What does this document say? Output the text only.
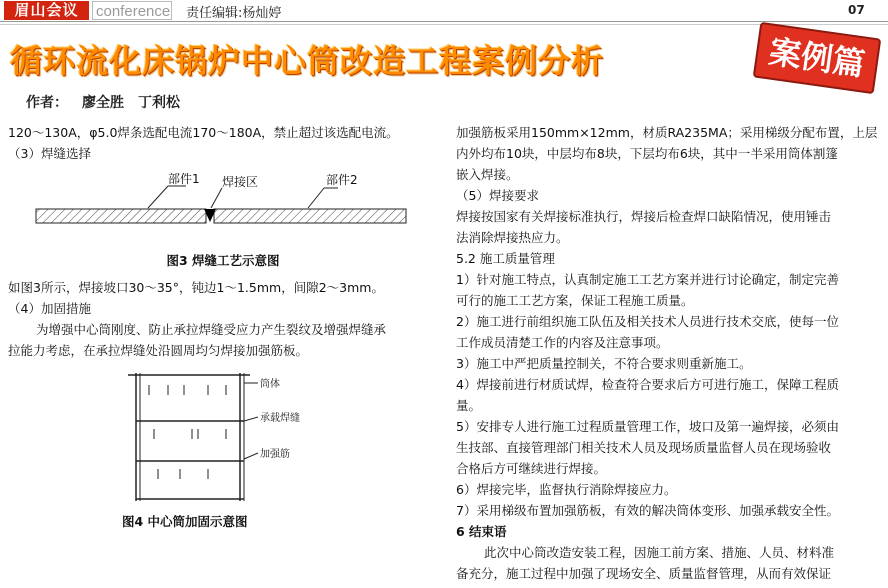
眉山会议	conference 责任编辑:杨灿婷	07
循环流化床锅炉中心筒改造工程案例分析	案例篇
作者： 廖全胜 丁利松

120～130A，φ5.0焊条选配电流170～180A，禁止超过该选配电流。

（3）焊缝选择

部件1 焊接区	部件2

图3 焊缝工艺示意图

如图3所示，焊接坡口30～35°，钝边1～1.5mm，间隙2～3mm。

（4）加固措施

为增强中心筒刚度、防止承拉焊缝受应力产生裂纹及增强焊缝承

拉能力考虑，在承拉焊缝处沿圆周均匀焊接加强筋板。

筒体
承载焊缝
加强筋

图4 中心筒加固示意图

加强筋板采用150mm×12mm，材质RA235MA；采用梯级分配布置，上层

内外均布10块，中层均布8块，下层均布6块，其中一半采用筒体割篷

嵌入焊接。

（5）焊接要求

焊接按国家有关焊接标准执行，焊接后检查焊口缺陷情况，使用锤击

法消除焊接热应力。

5.2 施工质量管理

1）针对施工特点，认真制定施工工艺方案并进行讨论确定，制定完善

可行的施工工艺方案，保证工程施工质量。

2）施工进行前组织施工队伍及相关技术人员进行技术交底，使每一位

工作成员清楚工作的内容及注意事项。

3）施工中严把质量控制关，不符合要求则重新施工。

4）焊接前进行材质试焊，检查符合要求后方可进行施工，保障工程质

量。

5）安排专人进行施工过程质量管理工作，坡口及第一遍焊接，必须由

生技部、直接管理部门相关技术人员及现场质量监督人员在现场验收

合格后方可继续进行焊接。

6）焊接完毕，监督执行消除焊接应力。

7）采用梯级布置加强筋板，有效的解决筒体变形、加强承载安全性。

6 结束语

此次中心筒改造安装工程，因施工前方案、措施、人员、材料准

备充分，施工过程中加强了现场安全、质量监督管理，从而有效保证
